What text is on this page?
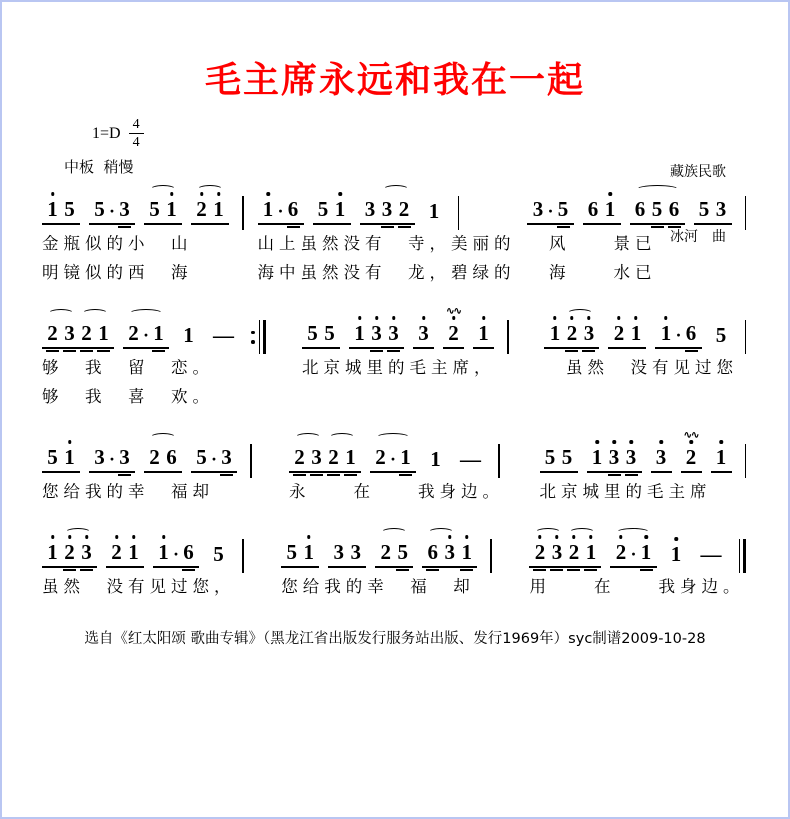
毛主席永远和我在一起
$1=D \frac{4}{4}$
中板  稍慢

	藏族民歌

冰河　曲

1 5 5 · 3 5 1 2 1
金瓶似的小　山
明镜似的西　海
1 · 6 5 1 3 3 2 1
山上虽然没有　寺，美丽的
海中虽然没有　龙，碧绿的
3 · 5 6 1 6 5 6 5 3
　风　　景已
　海　　水已
2 3 2 1 2 · 1 1 —
够　我　留　恋。
够　我　喜　欢。
5 5 1 3 3 3 2
∿∿
1
北京城里的毛主席，
1 2 3 2 1 1 · 6 5
　虽然　没有见过您
5 1 3 · 3 2 6 5 · 3
您给我的幸　福却
2 3 2 1 2 · 1 1 —
永　　在　　我身边。
5 5 1 3 3 3 2
∿∿
1
北京城里的毛主席
1 2 3 2 1 1 · 6 5
虽然　没有见过您，
5 1 3 3 2 5 6 3 1
您给我的幸　福　却
2 3 2 1 2 · 1 1 —
用　　在　　我身边。
选自《红太阳颂 歌曲专辑》（黑龙江省出版发行服务站出版、发行1969年）syc制谱2009-10-28
